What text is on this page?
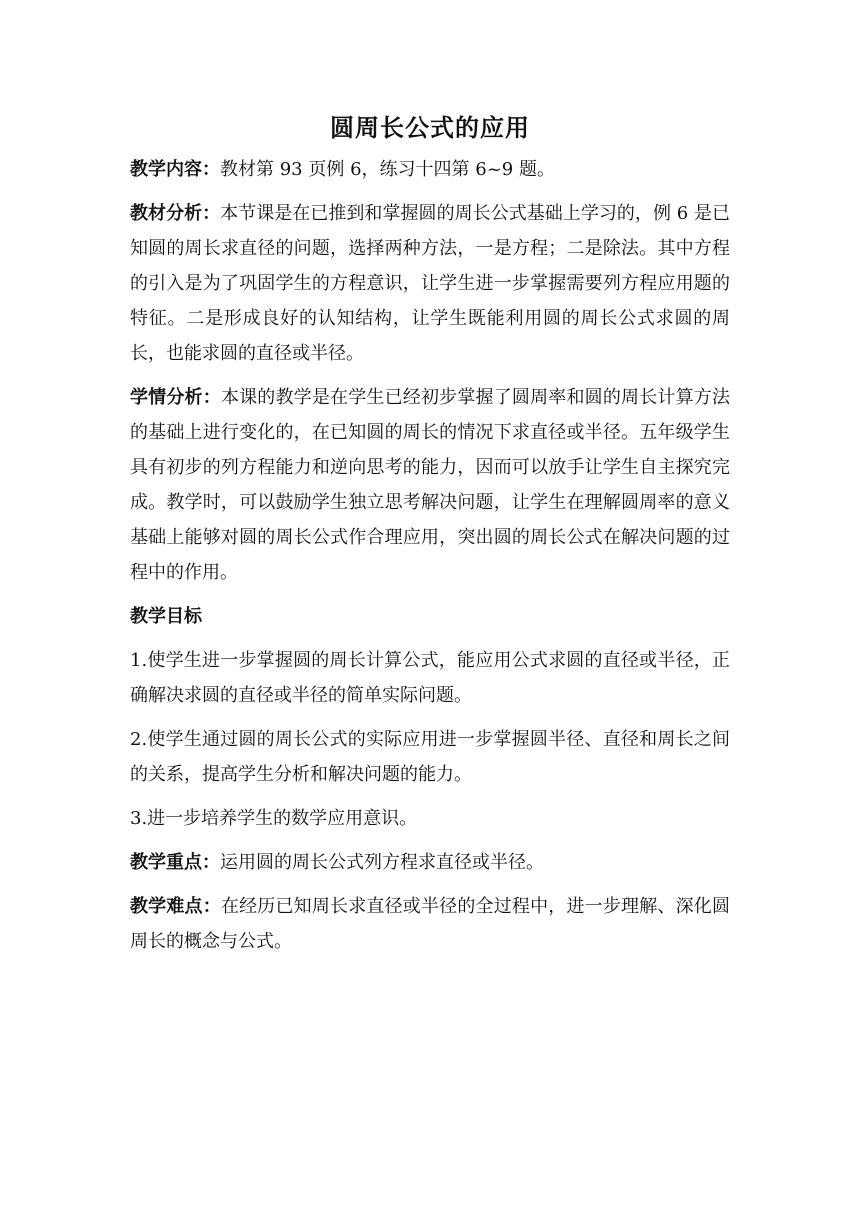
圆周长公式的应用

教学内容：教材第 93 页例 6，练习十四第 6~9 题。

教材分析：本节课是在已推到和掌握圆的周长公式基础上学习的，例 6 是已知圆的周长求直径的问题，选择两种方法，一是方程；二是除法。其中方程的引入是为了巩固学生的方程意识，让学生进一步掌握需要列方程应用题的特征。二是形成良好的认知结构，让学生既能利用圆的周长公式求圆的周长，也能求圆的直径或半径。

学情分析：本课的教学是在学生已经初步掌握了圆周率和圆的周长计算方法的基础上进行变化的，在已知圆的周长的情况下求直径或半径。五年级学生具有初步的列方程能力和逆向思考的能力，因而可以放手让学生自主探究完成。教学时，可以鼓励学生独立思考解决问题，让学生在理解圆周率的意义基础上能够对圆的周长公式作合理应用，突出圆的周长公式在解决问题的过程中的作用。

教学目标

1.使学生进一步掌握圆的周长计算公式，能应用公式求圆的直径或半径，正确解决求圆的直径或半径的简单实际问题。

2.使学生通过圆的周长公式的实际应用进一步掌握圆半径、直径和周长之间的关系，提高学生分析和解决问题的能力。

3.进一步培养学生的数学应用意识。

教学重点：运用圆的周长公式列方程求直径或半径。

教学难点：在经历已知周长求直径或半径的全过程中，进一步理解、深化圆周长的概念与公式。
